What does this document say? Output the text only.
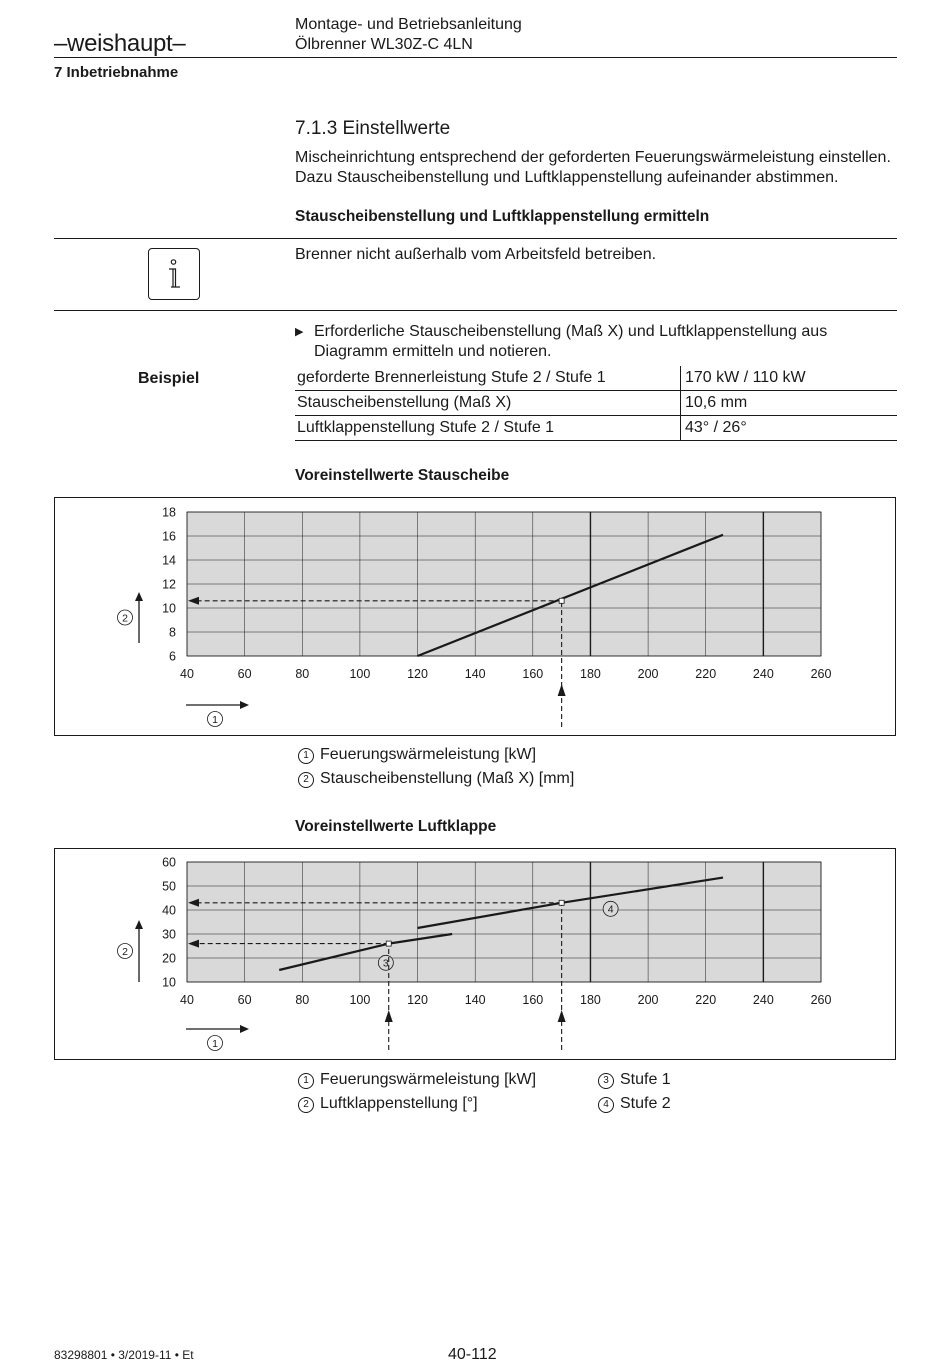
–weishaupt–
Montage- und Betriebsanleitung
Ölbrenner WL30Z-C 4LN
7 Inbetriebnahme
7.1.3 Einstellwerte
Mischeinrichtung entsprechend der geforderten Feuerungswärmeleistung einstellen. Dazu Stauscheibenstellung und Luftklappenstellung aufeinander abstimmen.
Stauscheibenstellung und Luftklappenstellung ermitteln
Brenner nicht außerhalb vom Arbeitsfeld betreiben.
▶ Erforderliche Stauscheibenstellung (Maß X) und Luftklappenstellung aus Diagramm ermitteln und notieren.
Beispiel	geforderte Brennerleistung Stufe 2 / Stufe 1	170 kW / 110 kW
Stauscheibenstellung (Maß X)	10,6 mm
Luftklappenstellung Stufe 2 / Stufe 1	43° / 26°
Voreinstellwerte Stauscheibe
40	60	80	100	120	140	160	180	200	220	240	260
6
8
10
12
14
16
18
2
1
1 Feuerungswärmeleistung [kW]
2 Stauscheibenstellung (Maß X) [mm]
Voreinstellwerte Luftklappe
40	60	80	100	120	140	160	180	200	220	240	260
10
20
30
40
50
60
2
1
3
4
1 Feuerungswärmeleistung [kW]	3 Stufe 1
2 Luftklappenstellung [°]	4 Stufe 2
83298801 • 3/2019-11 • Et	40-112
